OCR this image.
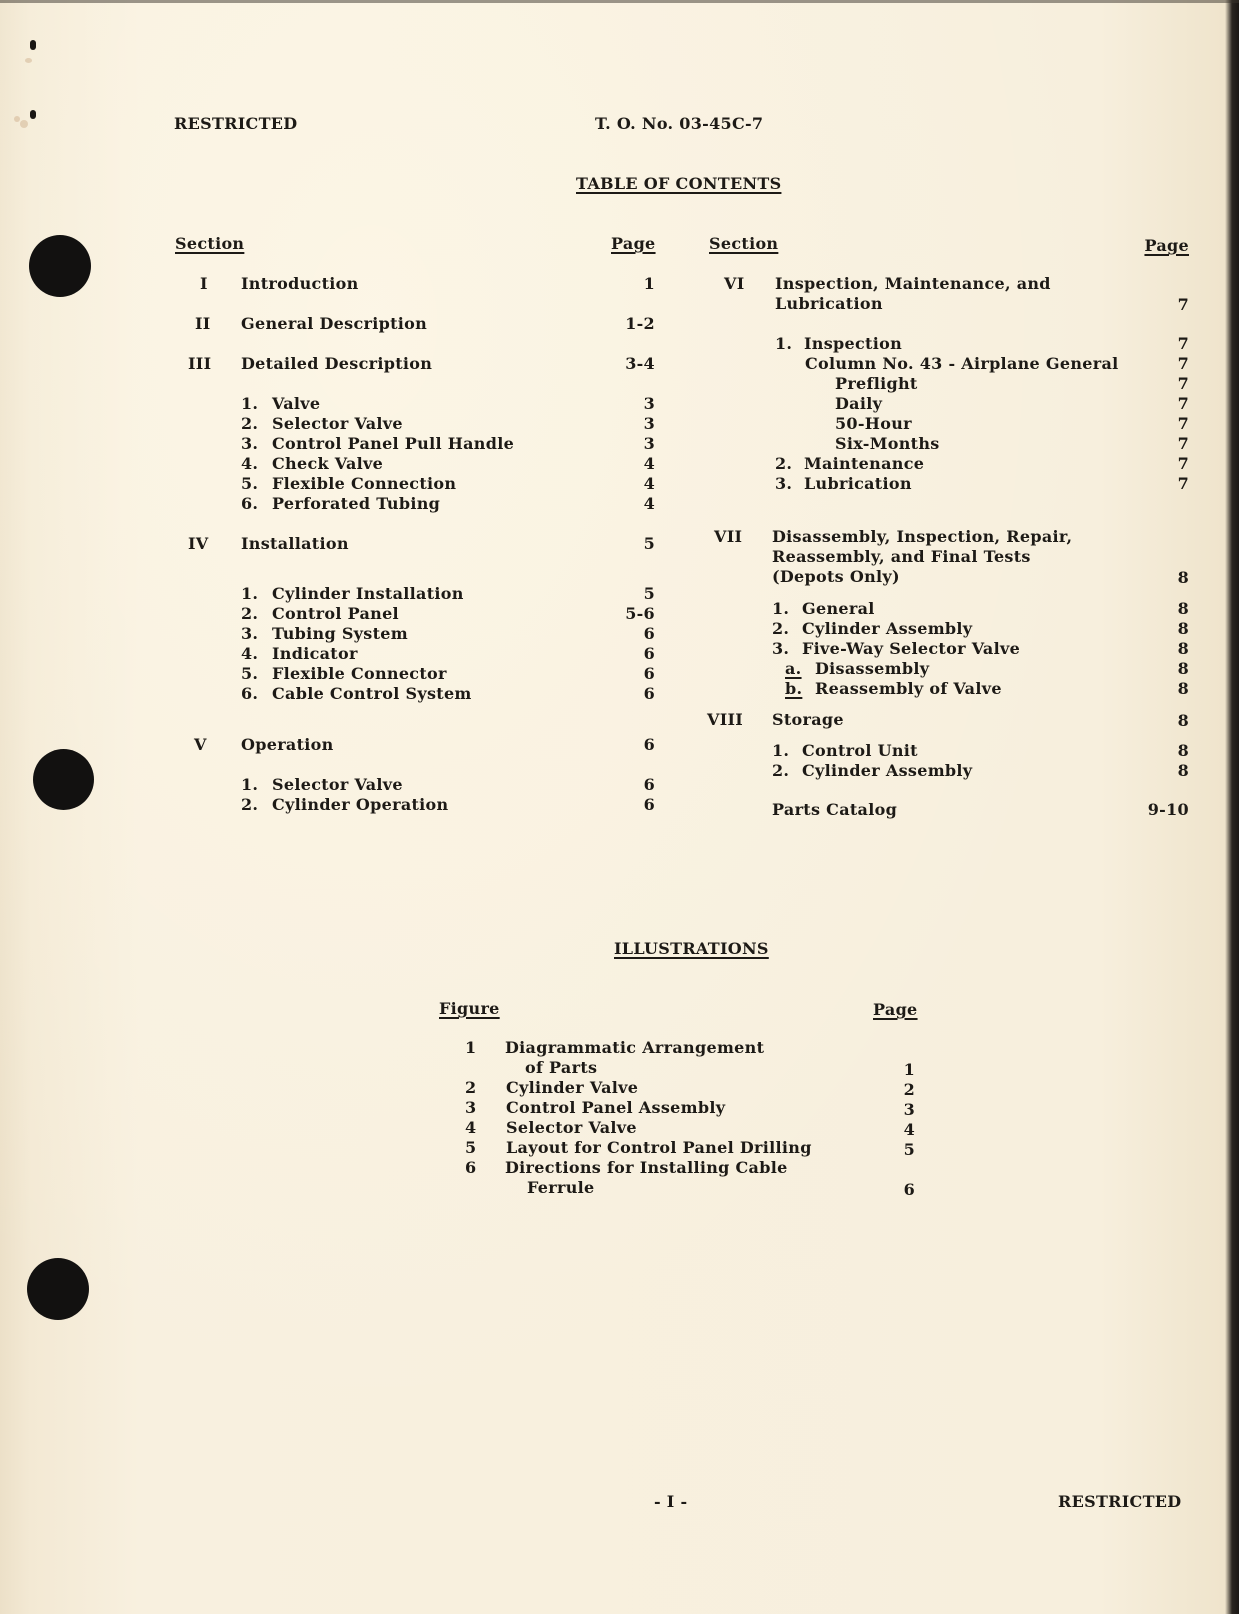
RESTRICTED	T. O. No. 03-45C-7
TABLE OF CONTENTS
Section	Page
I Introduction	1
II General Description	1-2
III Detailed Description	3-4
1. Valve	3
2. Selector Valve	3
3. Control Panel Pull Handle	3
4. Check Valve	4
5. Flexible Connection	4
6. Perforated Tubing	4
IV Installation	5
1. Cylinder Installation	5
2. Control Panel	5-6
3. Tubing System	6
4. Indicator	6
5. Flexible Connector	6
6. Cable Control System	6
V Operation	6
1. Selector Valve	6
2. Cylinder Operation	6
Section	Page
VI Inspection, Maintenance, and
Lubrication	7
1. Inspection	7
Column No. 43 - Airplane General	7
Preflight	7
Daily	7
50-Hour	7
Six-Months	7
2. Maintenance	7
3. Lubrication	7
VII Disassembly, Inspection, Repair,
Reassembly, and Final Tests
(Depots Only)	8
1. General	8
2. Cylinder Assembly	8
3. Five-Way Selector Valve	8
a. Disassembly	8
b. Reassembly of Valve	8
VIII Storage	8
1. Control Unit	8
2. Cylinder Assembly	8
Parts Catalog	9-10
ILLUSTRATIONS
Figure	Page
1 Diagrammatic Arrangement
of Parts	1
2 Cylinder Valve	2
3 Control Panel Assembly	3
4 Selector Valve	4
5 Layout for Control Panel Drilling	5
6 Directions for Installing Cable
Ferrule	6
- I -	RESTRICTED
